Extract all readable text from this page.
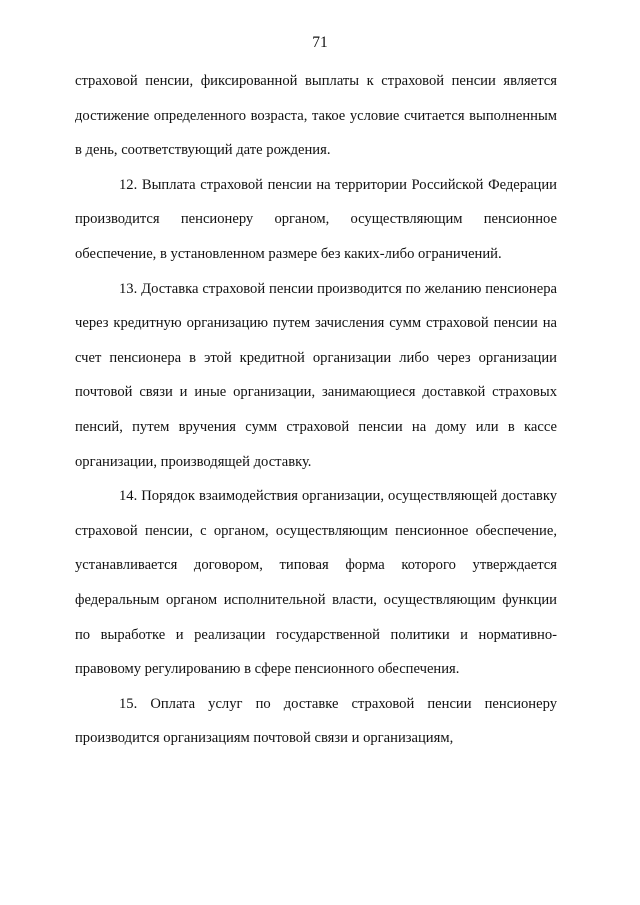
71

страховой пенсии, фиксированной выплаты к страховой пенсии является достижение определенного возраста, такое условие считается выполненным в день, соответствующий дате рождения.

12. Выплата страховой пенсии на территории Российской Федерации производится пенсионеру органом, осуществляющим пенсионное обеспечение, в установленном размере без каких-либо ограничений.

13. Доставка страховой пенсии производится по желанию пенсионера через кредитную организацию путем зачисления сумм страховой пенсии на счет пенсионера в этой кредитной организации либо через организации почтовой связи и иные организации, занимающиеся доставкой страховых пенсий, путем вручения сумм страховой пенсии на дому или в кассе организации, производящей доставку.

14. Порядок взаимодействия организации, осуществляющей доставку страховой пенсии, с органом, осуществляющим пенсионное обеспечение, устанавливается договором, типовая форма которого утверждается федеральным органом исполнительной власти, осуществляющим функции по выработке и реализации государственной политики и нормативно-правовому регулированию в сфере пенсионного обеспечения.

15. Оплата услуг по доставке страховой пенсии пенсионеру производится организациям почтовой связи и организациям,
